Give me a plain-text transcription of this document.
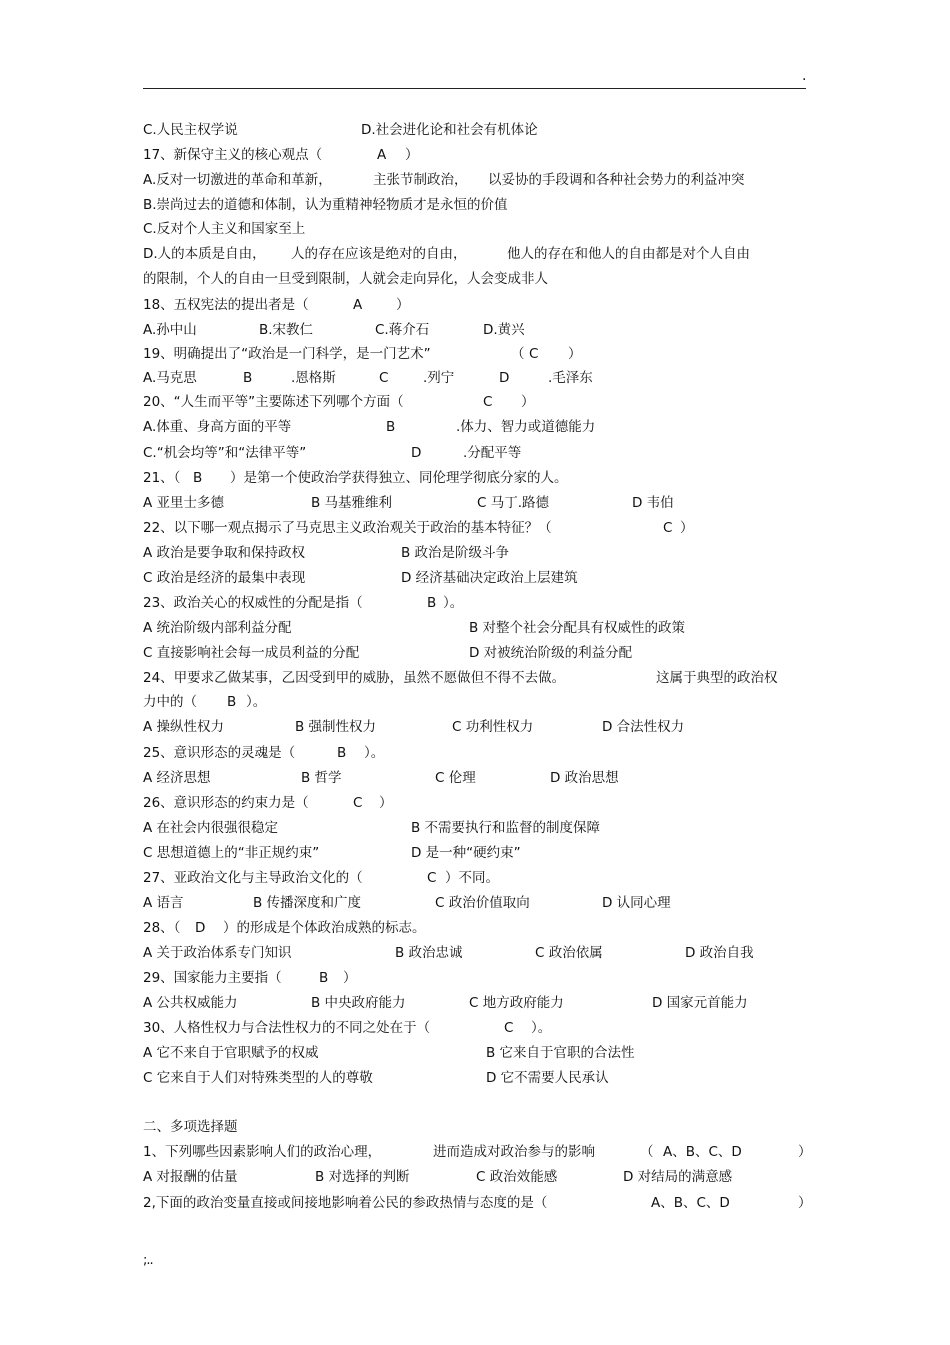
.
C.人民主权学说	D.社会进化论和社会有机体论
17、新保守主义的核心观点（	A ）
A.反对一切激进的革命和革新，	主张节制政治， 以妥协的手段调和各种社会势力的利益冲突
B.崇尚过去的道德和体制，认为重精神轻物质才是永恒的价值
C.反对个人主义和国家至上
D.人的本质是自由， 人的存在应该是绝对的自由，	他人的存在和他人的自由都是对个人自由
的限制，个人的自由一旦受到限制，人就会走向异化，人会变成非人
18、五权宪法的提出者是（	A	）
A.孙中山	B.宋教仁	C.蒋介石	D.黄兴
19、明确提出了“政治是一门科学，是一门艺术”	（ C ）
A.马克思	B	.恩格斯	C	.列宁	D	.毛泽东
20、“人生而平等”主要陈述下列哪个方面（	C ）
A.体重、身高方面的平等	B	.体力、智力或道德能力
C.“机会均等”和“法律平等”	D	.分配平等
21、（ B ）是第一个使政治学获得独立、同伦理学彻底分家的人。
A 亚里士多德	B 马基雅维利	C 马丁.路德	D 韦伯
22、以下哪一观点揭示了马克思主义政治观关于政治的基本特征？（	C ）
A 政治是要争取和保持政权	B 政治是阶级斗争
C 政治是经济的最集中表现	D 经济基础决定政治上层建筑
23、政治关心的权威性的分配是指（	B ）。
A 统治阶级内部利益分配	B 对整个社会分配具有权威性的政策
C 直接影响社会每一成员利益的分配	D 对被统治阶级的利益分配
24、甲要求乙做某事，乙因受到甲的威胁，虽然不愿做但不得不去做。	这属于典型的政治权
力中的（ B ）。
A 操纵性权力	B 强制性权力	C 功利性权力	D 合法性权力
25、意识形态的灵魂是（	B ）。
A 经济思想	B 哲学	C 伦理	D 政治思想
26、意识形态的约束力是（	C ）
A 在社会内很强很稳定	B 不需要执行和监督的制度保障
C 思想道德上的“非正规约束”	D 是一种“硬约束”
27、亚政治文化与主导政治文化的（	C ）不同。
A 语言	B 传播深度和广度	C 政治价值取向	D 认同心理
28、（ D ）的形成是个体政治成熟的标志。
A 关于政治体系专门知识	B 政治忠诚	C 政治依属	D 政治自我
29、国家能力主要指（	B ）
A 公共权威能力	B 中央政府能力	C 地方政府能力	D 国家元首能力
30、人格性权力与合法性权力的不同之处在于（	C ）。
A 它不来自于官职赋予的权威	B 它来自于官职的合法性
C 它来自于人们对特殊类型的人的尊敬	D 它不需要人民承认
二、多项选择题
1、下列哪些因素影响人们的政治心理，	进而造成对政治参与的影响	（ A、B、C、D	）
A 对报酬的估量	B 对选择的判断	C 政治效能感	D 对结局的满意感
2,下面的政治变量直接或间接地影响着公民的参政热情与态度的是（	A、B、C、D	）
;..
